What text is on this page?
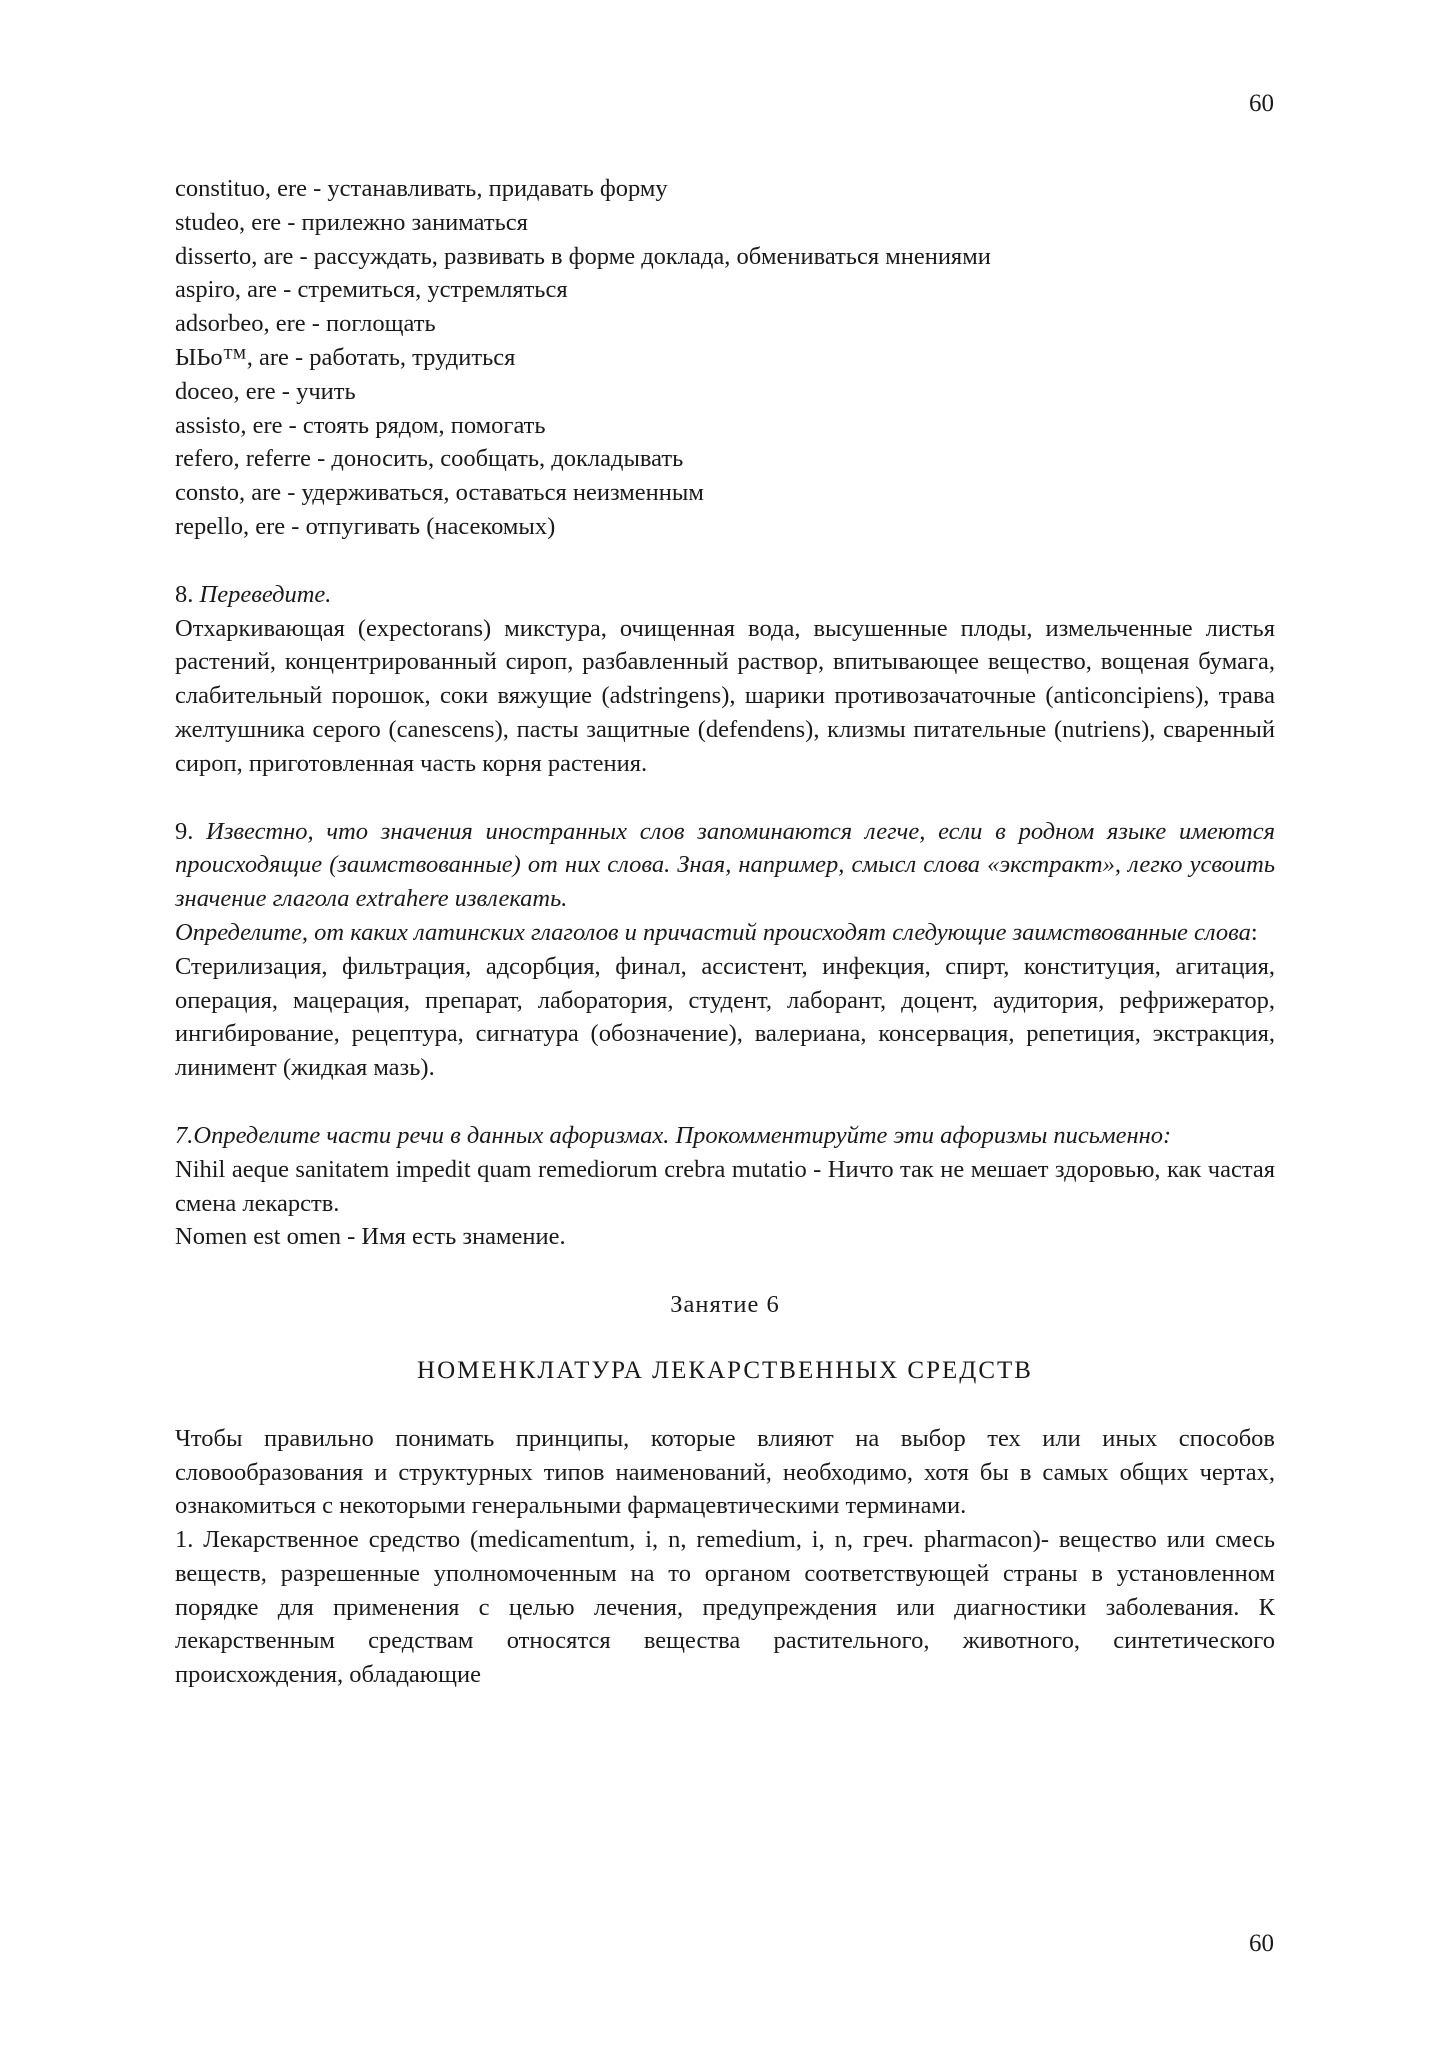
60

constituo, ere - устанавливать, придавать форму

studeo, ere - прилежно заниматься

disserto, are - рассуждать, развивать в форме доклада, обмениваться мнениями

aspiro, are - стремиться, устремляться

adsorbeo, ere - поглощать

ЫЬо™, are - работать, трудиться

doceo, ere - учить

assisto, ere - стоять рядом, помогать

refero, referre - доносить, сообщать, докладывать

consto, are - удерживаться, оставаться неизменным

repello, ere - отпугивать (насекомых)

8. Переведите.

Отхаркивающая (expectorans) микстура, очищенная вода, высушенные плоды, измельченные листья растений, концентрированный сироп, разбавленный раствор, впитывающее вещество, вощеная бумага, слабительный порошок, соки вяжущие (adstringens), шарики противозачаточные (anticoncipiens), трава желтушника серого (canescens), пасты защитные (defendens), клизмы питательные (nutriens), сваренный сироп, приготовленная часть корня растения.

9. Известно, что значения иностранных слов запоминаются легче, если в родном языке имеются происходящие (заимствованные) от них слова. Зная, например, смысл слова «экстракт», легко усвоить значение глагола extrahere извлекать.

Определите, от каких латинских глаголов и причастий происходят следующие заимствованные слова:

Стерилизация, фильтрация, адсорбция, финал, ассистент, инфекция, спирт, конституция, агитация, операция, мацерация, препарат, лаборатория, студент, лаборант, доцент, аудитория, рефрижератор, ингибирование, рецептура, сигнатура (обозначение), валериана, консервация, репетиция, экстракция, линимент (жидкая мазь).

7.Определите части речи в данных афоризмах. Прокомментируйте эти афоризмы письменно:

Nihil aeque sanitatem impedit quam remediorum crebra mutatio - Ничто так не мешает здоровью, как частая смена лекарств.

Nomen est omen - Имя есть знамение.

Занятие 6

НОМЕНКЛАТУРА ЛЕКАРСТВЕННЫХ СРЕДСТВ

Чтобы правильно понимать принципы, которые влияют на выбор тех или иных способов словообразования и структурных типов наименований, необходимо, хотя бы в самых общих чертах, ознакомиться с некоторыми генеральными фармацевтическими терминами.

1. Лекарственное средство (medicamentum, i, n, remedium, i, n, греч. pharmacon)- вещество или смесь веществ, разрешенные уполномоченным на то органом соответствующей страны в установленном порядке для применения с целью лечения, предупреждения или диагностики заболевания. К лекарственным средствам относятся вещества растительного, животного, синтетического происхождения, обладающие

60
